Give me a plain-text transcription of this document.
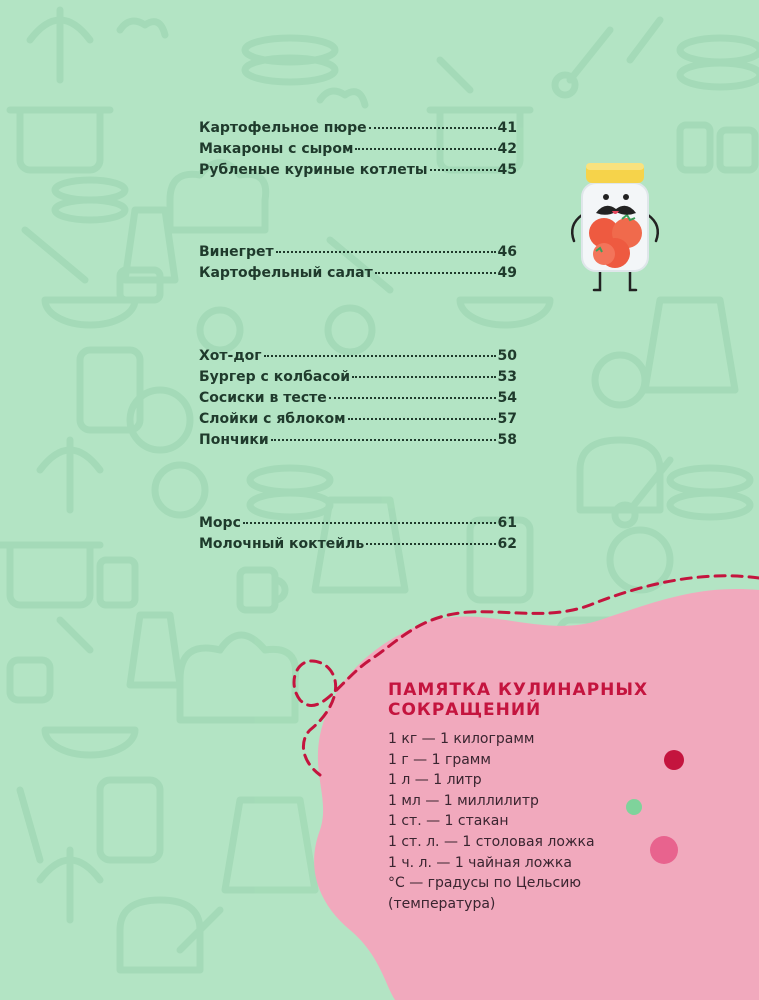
Картофельное пюре	41
Макароны с сыром	42
Рубленые куриные котлеты	45
Винегрет	46
Картофельный салат	49
Хот-дог	50
Бургер с колбасой	53
Сосиски в тесте	54
Слойки с яблоком	57
Пончики	58
Морс	61
Молочный коктейль	62
ПАМЯТКА КУЛИНАРНЫХ
СОКРАЩЕНИЙ
1 кг — 1 килограмм
1 г — 1 грамм
1 л — 1 литр
1 мл — 1 миллилитр
1 ст. — 1 стакан
1 ст. л. — 1 столовая ложка
1 ч. л. — 1 чайная ложка
°C — градусы по Цельсию
(температура)
